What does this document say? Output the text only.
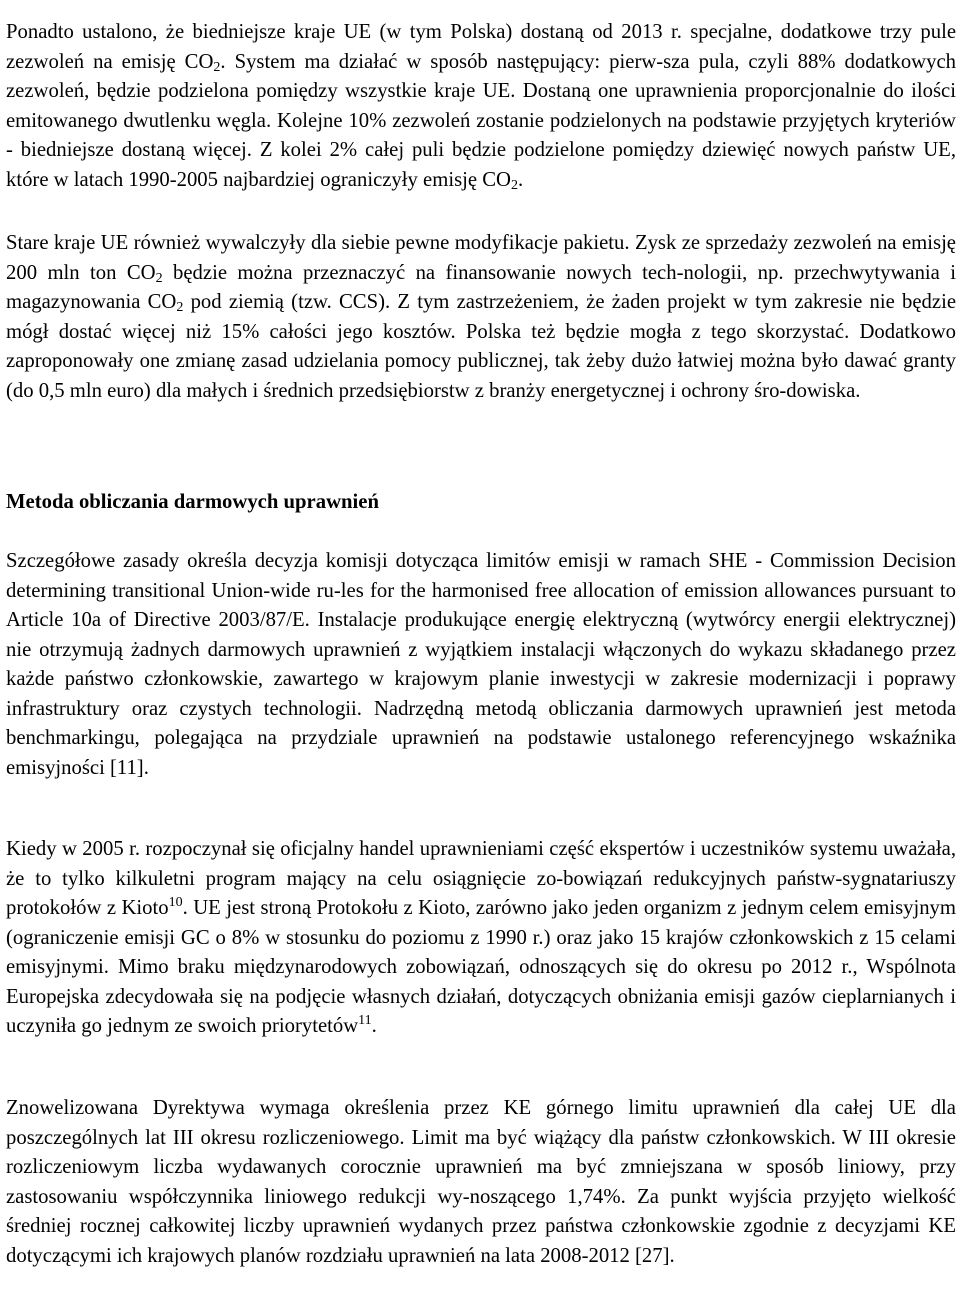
Ponadto ustalono, że biedniejsze kraje UE (w tym Polska) dostaną od 2013 r. specjalne, dodatkowe trzy pule zezwoleń na emisję $CO_2$. System ma działać w sposób następujący: pierw-sza pula, czyli 88% dodatkowych zezwoleń, będzie podzielona pomiędzy wszystkie kraje UE. Dostaną one uprawnienia proporcjonalnie do ilości emitowanego dwutlenku węgla. Kolejne 10% zezwoleń zostanie podzielonych na podstawie przyjętych kryteriów - biedniejsze dostaną więcej. Z kolei 2% całej puli będzie podzielone pomiędzy dziewięć nowych państw UE, które w latach 1990-2005 najbardziej ograniczyły emisję $CO_2$.

Stare kraje UE również wywalczyły dla siebie pewne modyfikacje pakietu. Zysk ze sprzedaży zezwoleń na emisję 200 mln ton $CO_2$ będzie można przeznaczyć na finansowanie nowych tech-nologii, np. przechwytywania i magazynowania $CO_2$ pod ziemią (tzw. CCS). Z tym zastrzeżeniem, że żaden projekt w tym zakresie nie będzie mógł dostać więcej niż 15% całości jego kosztów. Polska też będzie mogła z tego skorzystać. Dodatkowo zaproponowały one zmianę zasad udzielania pomocy publicznej, tak żeby dużo łatwiej można było dawać granty (do 0,5 mln euro) dla małych i średnich przedsiębiorstw z branży energetycznej i ochrony śro-dowiska.

Metoda obliczania darmowych uprawnień

Szczegółowe zasady określa decyzja komisji dotycząca limitów emisji w ramach SHE - Commission Decision determining transitional Union-wide ru-les for the harmonised free allocation of emission allowances pursuant to Article 10a of Directive 2003/87/E. Instalacje produkujące energię elektryczną (wytwórcy energii elektrycznej) nie otrzymują żadnych darmowych uprawnień z wyjątkiem instalacji włączonych do wykazu składanego przez każde państwo członkowskie, zawartego w krajowym planie inwestycji w zakresie modernizacji i poprawy infrastruktury oraz czystych technologii. Nadrzędną metodą obliczania darmowych uprawnień jest metoda benchmarkingu, polegająca na przydziale uprawnień na podstawie ustalonego referencyjnego wskaźnika emisyjności [11].

Kiedy w 2005 r. rozpoczynał się oficjalny handel uprawnieniami część ekspertów i uczestników systemu uważała, że to tylko kilkuletni program mający na celu osiągnięcie zo-bowiązań redukcyjnych państw-sygnatariuszy protokołów z Kioto$^{10}$. UE jest stroną Protokołu z Kioto, zarówno jako jeden organizm z jednym celem emisyjnym (ograniczenie emisji GC o 8% w stosunku do poziomu z 1990 r.) oraz jako 15 krajów członkowskich z 15 celami emisyjnymi. Mimo braku międzynarodowych zobowiązań, odnoszących się do okresu po 2012 r., Wspólnota Europejska zdecydowała się na podjęcie własnych działań, dotyczących obniżania emisji gazów cieplarnianych i uczyniła go jednym ze swoich priorytetów$^{11}$.

Znowelizowana Dyrektywa wymaga określenia przez KE górnego limitu uprawnień dla całej UE dla poszczególnych lat III okresu rozliczeniowego. Limit ma być wiążący dla państw członkowskich. W III okresie rozliczeniowym liczba wydawanych corocznie uprawnień ma być zmniejszana w sposób liniowy, przy zastosowaniu współczynnika liniowego redukcji wy-noszącego 1,74%. Za punkt wyjścia przyjęto wielkość średniej rocznej całkowitej liczby uprawnień wydanych przez państwa członkowskie zgodnie z decyzjami KE dotyczącymi ich krajowych planów rozdziału uprawnień na lata 2008-2012 [27].
